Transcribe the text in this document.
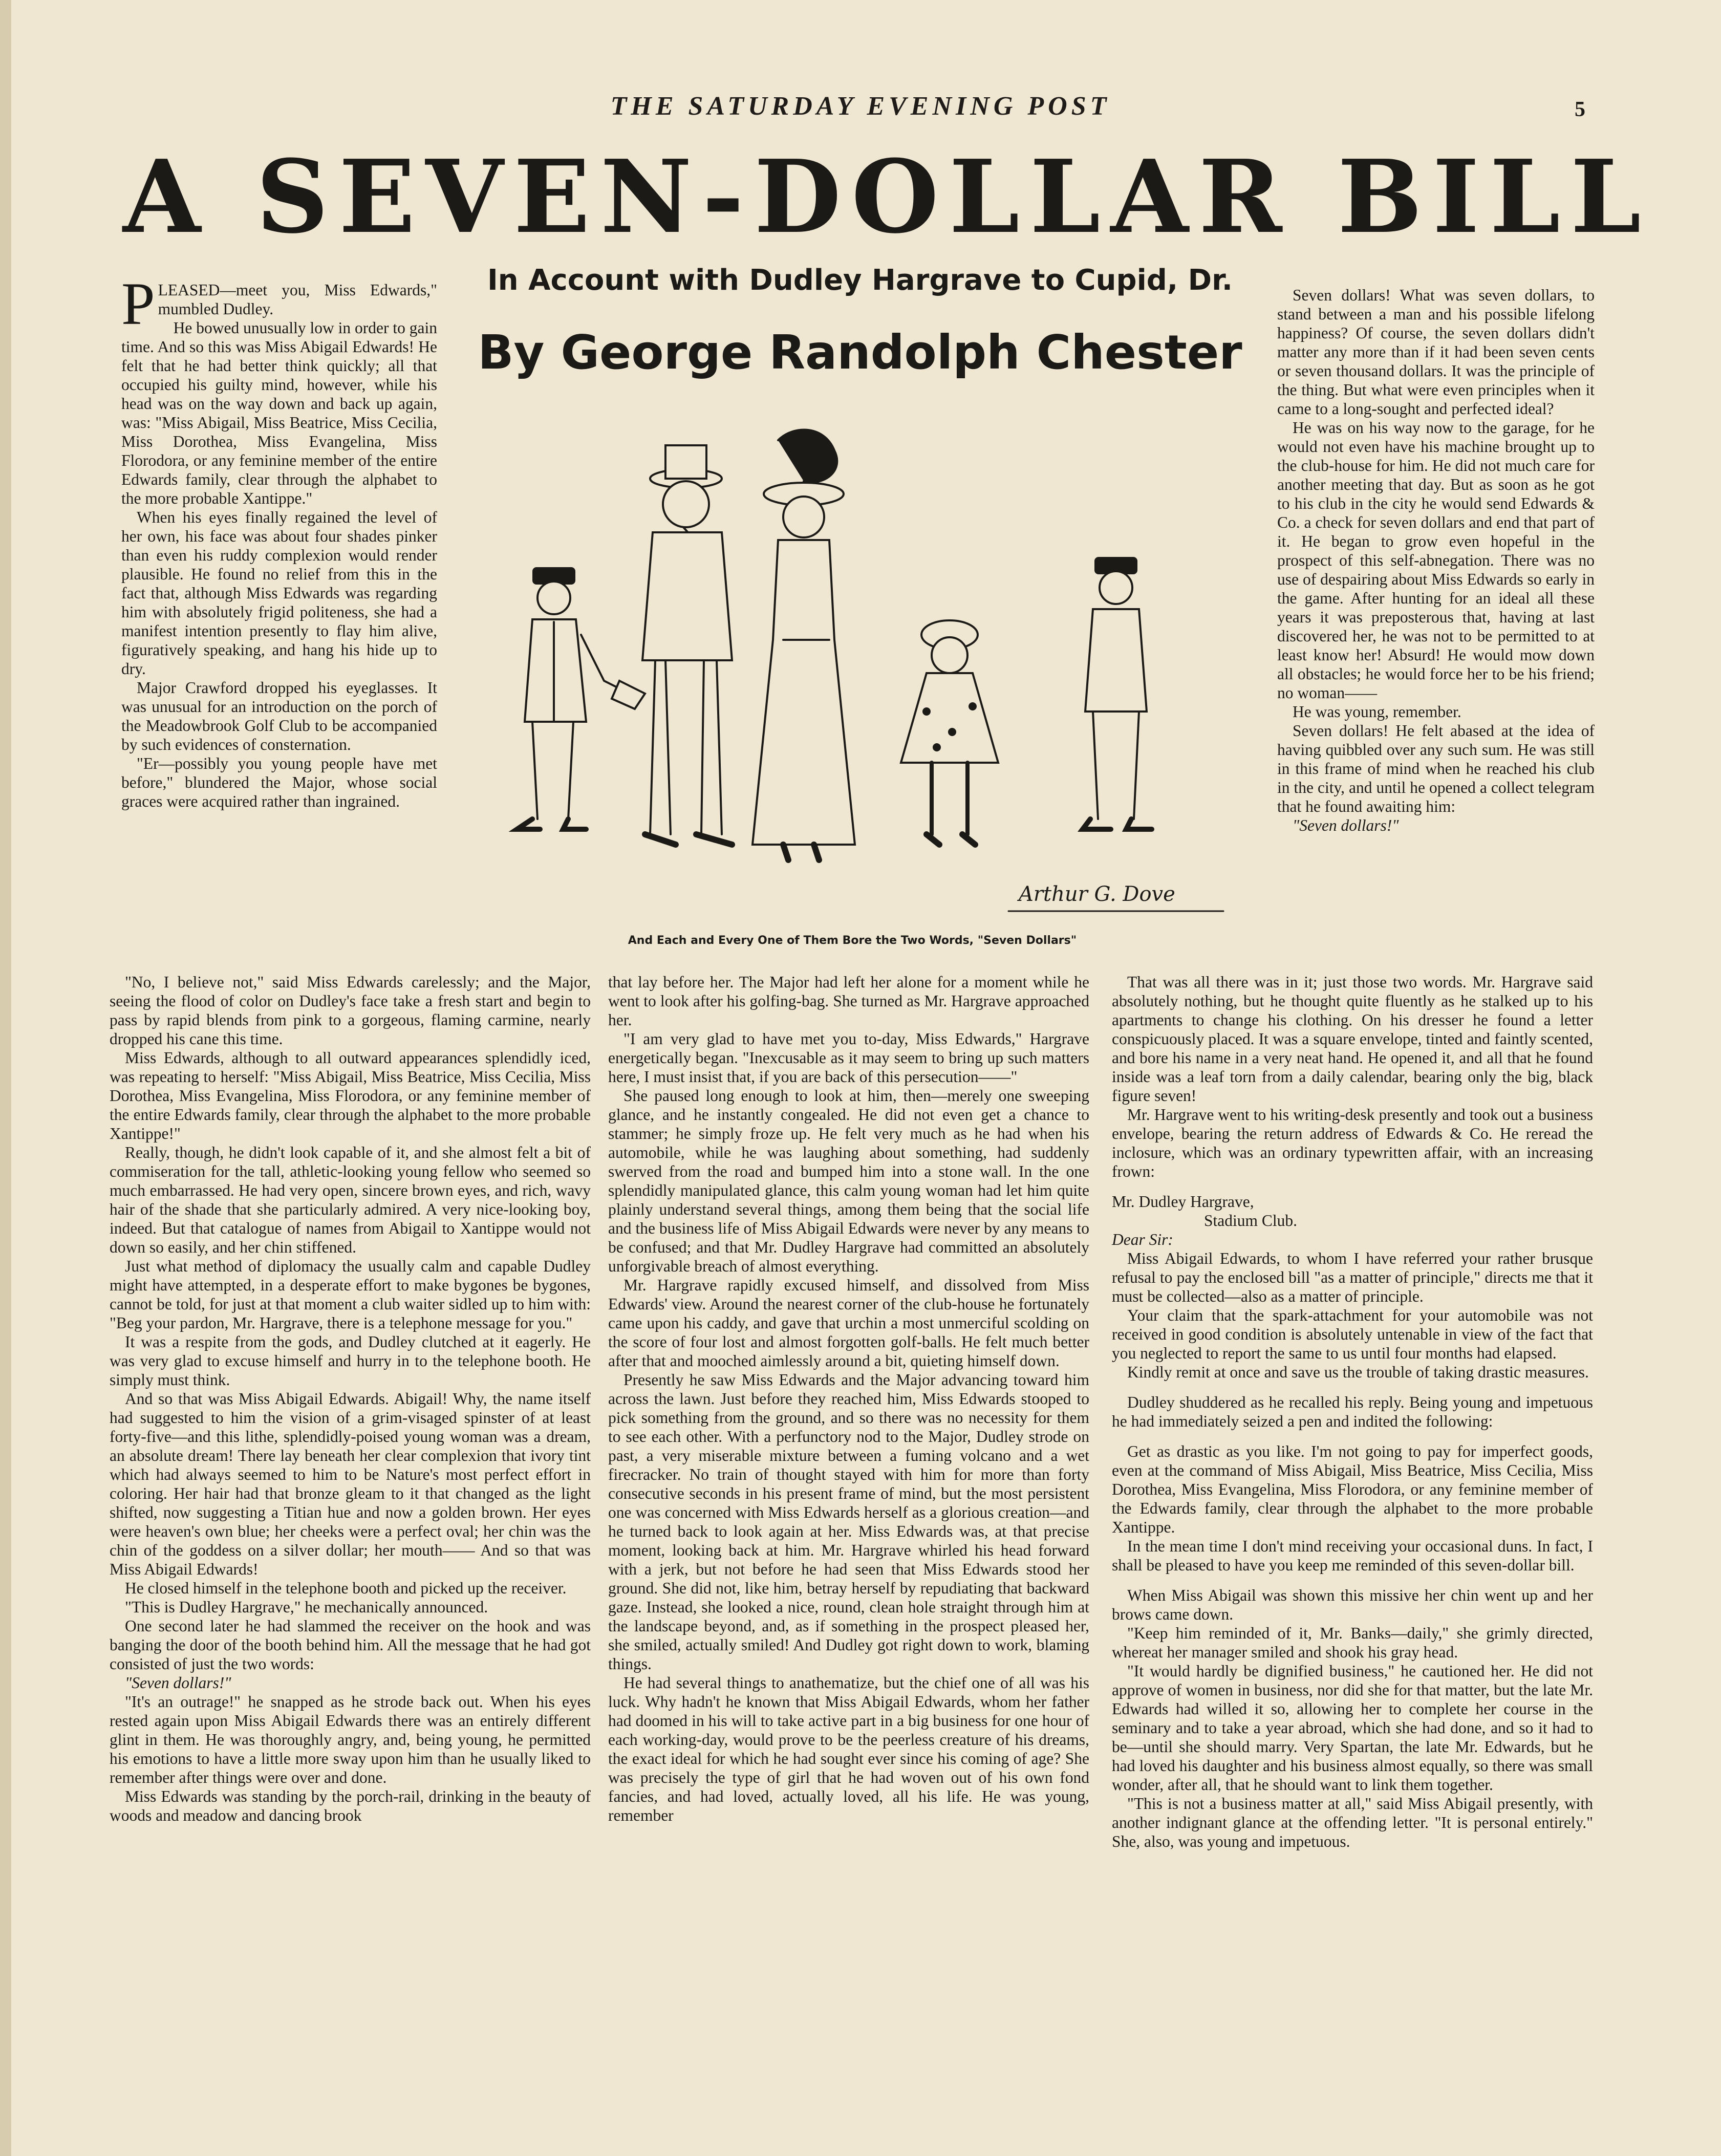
THE SATURDAY EVENING POST	5
A SEVEN-DOLLAR BILL
In Account with Dudley Hargrave to Cupid, Dr.
By George Randolph Chester
Arthur G. Dove
And Each and Every One of Them Bore the Two Words, "Seven Dollars"

PLEASED—meet you, Miss Edwards," mumbled Dudley.

He bowed unusually low in order to gain time. And so this was Miss Abigail Edwards! He felt that he had better think quickly; all that occupied his guilty mind, however, while his head was on the way down and back up again, was: "Miss Abigail, Miss Beatrice, Miss Cecilia, Miss Dorothea, Miss Evangelina, Miss Florodora, or any feminine member of the entire Edwards family, clear through the alphabet to the more probable Xantippe."

When his eyes finally regained the level of her own, his face was about four shades pinker than even his ruddy complexion would render plausible. He found no relief from this in the fact that, although Miss Edwards was regarding him with absolutely frigid politeness, she had a manifest intention presently to flay him alive, figuratively speaking, and hang his hide up to dry.

Major Crawford dropped his eyeglasses. It was unusual for an introduction on the porch of the Meadowbrook Golf Club to be accompanied by such evidences of consternation.

"Er—possibly you young people have met before," blundered the Major, whose social graces were acquired rather than ingrained.

Seven dollars! What was seven dollars, to stand between a man and his possible lifelong happiness? Of course, the seven dollars didn't matter any more than if it had been seven cents or seven thousand dollars. It was the principle of the thing. But what were even principles when it came to a long-sought and perfected ideal?

He was on his way now to the garage, for he would not even have his machine brought up to the club-house for him. He did not much care for another meeting that day. But as soon as he got to his club in the city he would send Edwards & Co. a check for seven dollars and end that part of it. He began to grow even hopeful in the prospect of this self-abnegation. There was no use of despairing about Miss Edwards so early in the game. After hunting for an ideal all these years it was preposterous that, having at last discovered her, he was not to be permitted to at least know her! Absurd! He would mow down all obstacles; he would force her to be his friend; no woman——

He was young, remember.

Seven dollars! He felt abased at the idea of having quibbled over any such sum. He was still in this frame of mind when he reached his club in the city, and until he opened a collect telegram that he found awaiting him:

"Seven dollars!"

"No, I believe not," said Miss Edwards carelessly; and the Major, seeing the flood of color on Dudley's face take a fresh start and begin to pass by rapid blends from pink to a gorgeous, flaming carmine, nearly dropped his cane this time.

Miss Edwards, although to all outward appearances splendidly iced, was repeating to herself: "Miss Abigail, Miss Beatrice, Miss Cecilia, Miss Dorothea, Miss Evangelina, Miss Florodora, or any feminine member of the entire Edwards family, clear through the alphabet to the more probable Xantippe!"

Really, though, he didn't look capable of it, and she almost felt a bit of commiseration for the tall, athletic-looking young fellow who seemed so much embarrassed. He had very open, sincere brown eyes, and rich, wavy hair of the shade that she particularly admired. A very nice-looking boy, indeed. But that catalogue of names from Abigail to Xantippe would not down so easily, and her chin stiffened.

Just what method of diplomacy the usually calm and capable Dudley might have attempted, in a desperate effort to make bygones be bygones, cannot be told, for just at that moment a club waiter sidled up to him with: "Beg your pardon, Mr. Hargrave, there is a telephone message for you."

It was a respite from the gods, and Dudley clutched at it eagerly. He was very glad to excuse himself and hurry in to the telephone booth. He simply must think.

And so that was Miss Abigail Edwards. Abigail! Why, the name itself had suggested to him the vision of a grim-visaged spinster of at least forty-five—and this lithe, splendidly-poised young woman was a dream, an absolute dream! There lay beneath her clear complexion that ivory tint which had always seemed to him to be Nature's most perfect effort in coloring. Her hair had that bronze gleam to it that changed as the light shifted, now suggesting a Titian hue and now a golden brown. Her eyes were heaven's own blue; her cheeks were a perfect oval; her chin was the chin of the goddess on a silver dollar; her mouth—— And so that was Miss Abigail Edwards!

He closed himself in the telephone booth and picked up the receiver.

"This is Dudley Hargrave," he mechanically announced.

One second later he had slammed the receiver on the hook and was banging the door of the booth behind him. All the message that he had got consisted of just the two words:

"Seven dollars!"

"It's an outrage!" he snapped as he strode back out. When his eyes rested again upon Miss Abigail Edwards there was an entirely different glint in them. He was thoroughly angry, and, being young, he permitted his emotions to have a little more sway upon him than he usually liked to remember after things were over and done.

Miss Edwards was standing by the porch-rail, drinking in the beauty of woods and meadow and dancing brook

that lay before her. The Major had left her alone for a moment while he went to look after his golfing-bag. She turned as Mr. Hargrave approached her.

"I am very glad to have met you to-day, Miss Edwards," Hargrave energetically began. "Inexcusable as it may seem to bring up such matters here, I must insist that, if you are back of this persecution——"

She paused long enough to look at him, then—merely one sweeping glance, and he instantly congealed. He did not even get a chance to stammer; he simply froze up. He felt very much as he had when his automobile, while he was laughing about something, had suddenly swerved from the road and bumped him into a stone wall. In the one splendidly manipulated glance, this calm young woman had let him quite plainly understand several things, among them being that the social life and the business life of Miss Abigail Edwards were never by any means to be confused; and that Mr. Dudley Hargrave had committed an absolutely unforgivable breach of almost everything.

Mr. Hargrave rapidly excused himself, and dissolved from Miss Edwards' view. Around the nearest corner of the club-house he fortunately came upon his caddy, and gave that urchin a most unmerciful scolding on the score of four lost and almost forgotten golf-balls. He felt much better after that and mooched aimlessly around a bit, quieting himself down.

Presently he saw Miss Edwards and the Major advancing toward him across the lawn. Just before they reached him, Miss Edwards stooped to pick something from the ground, and so there was no necessity for them to see each other. With a perfunctory nod to the Major, Dudley strode on past, a very miserable mixture between a fuming volcano and a wet firecracker. No train of thought stayed with him for more than forty consecutive seconds in his present frame of mind, but the most persistent one was concerned with Miss Edwards herself as a glorious creation—and he turned back to look again at her. Miss Edwards was, at that precise moment, looking back at him. Mr. Hargrave whirled his head forward with a jerk, but not before he had seen that Miss Edwards stood her ground. She did not, like him, betray herself by repudiating that backward gaze. Instead, she looked a nice, round, clean hole straight through him at the landscape beyond, and, as if something in the prospect pleased her, she smiled, actually smiled! And Dudley got right down to work, blaming things.

He had several things to anathematize, but the chief one of all was his luck. Why hadn't he known that Miss Abigail Edwards, whom her father had doomed in his will to take active part in a big business for one hour of each working-day, would prove to be the peerless creature of his dreams, the exact ideal for which he had sought ever since his coming of age? She was precisely the type of girl that he had woven out of his own fond fancies, and had loved, actually loved, all his life. He was young, remember

That was all there was in it; just those two words. Mr. Hargrave said absolutely nothing, but he thought quite fluently as he stalked up to his apartments to change his clothing. On his dresser he found a letter conspicuously placed. It was a square envelope, tinted and faintly scented, and bore his name in a very neat hand. He opened it, and all that he found inside was a leaf torn from a daily calendar, bearing only the big, black figure seven!

Mr. Hargrave went to his writing-desk presently and took out a business envelope, bearing the return address of Edwards & Co. He reread the inclosure, which was an ordinary typewritten affair, with an increasing frown:

Mr. Dudley Hargrave,

Stadium Club.

Dear Sir:

Miss Abigail Edwards, to whom I have referred your rather brusque refusal to pay the enclosed bill "as a matter of principle," directs me that it must be collected—also as a matter of principle.

Your claim that the spark-attachment for your automobile was not received in good condition is absolutely untenable in view of the fact that you neglected to report the same to us until four months had elapsed.

Kindly remit at once and save us the trouble of taking drastic measures.

Dudley shuddered as he recalled his reply. Being young and impetuous he had immediately seized a pen and indited the following:

Get as drastic as you like. I'm not going to pay for imperfect goods, even at the command of Miss Abigail, Miss Beatrice, Miss Cecilia, Miss Dorothea, Miss Evangelina, Miss Florodora, or any feminine member of the Edwards family, clear through the alphabet to the more probable Xantippe.

In the mean time I don't mind receiving your occasional duns. In fact, I shall be pleased to have you keep me reminded of this seven-dollar bill.

When Miss Abigail was shown this missive her chin went up and her brows came down.

"Keep him reminded of it, Mr. Banks—daily," she grimly directed, whereat her manager smiled and shook his gray head.

"It would hardly be dignified business," he cautioned her. He did not approve of women in business, nor did she for that matter, but the late Mr. Edwards had willed it so, allowing her to complete her course in the seminary and to take a year abroad, which she had done, and so it had to be—until she should marry. Very Spartan, the late Mr. Edwards, but he had loved his daughter and his business almost equally, so there was small wonder, after all, that he should want to link them together.

"This is not a business matter at all," said Miss Abigail presently, with another indignant glance at the offending letter. "It is personal entirely." She, also, was young and impetuous.
